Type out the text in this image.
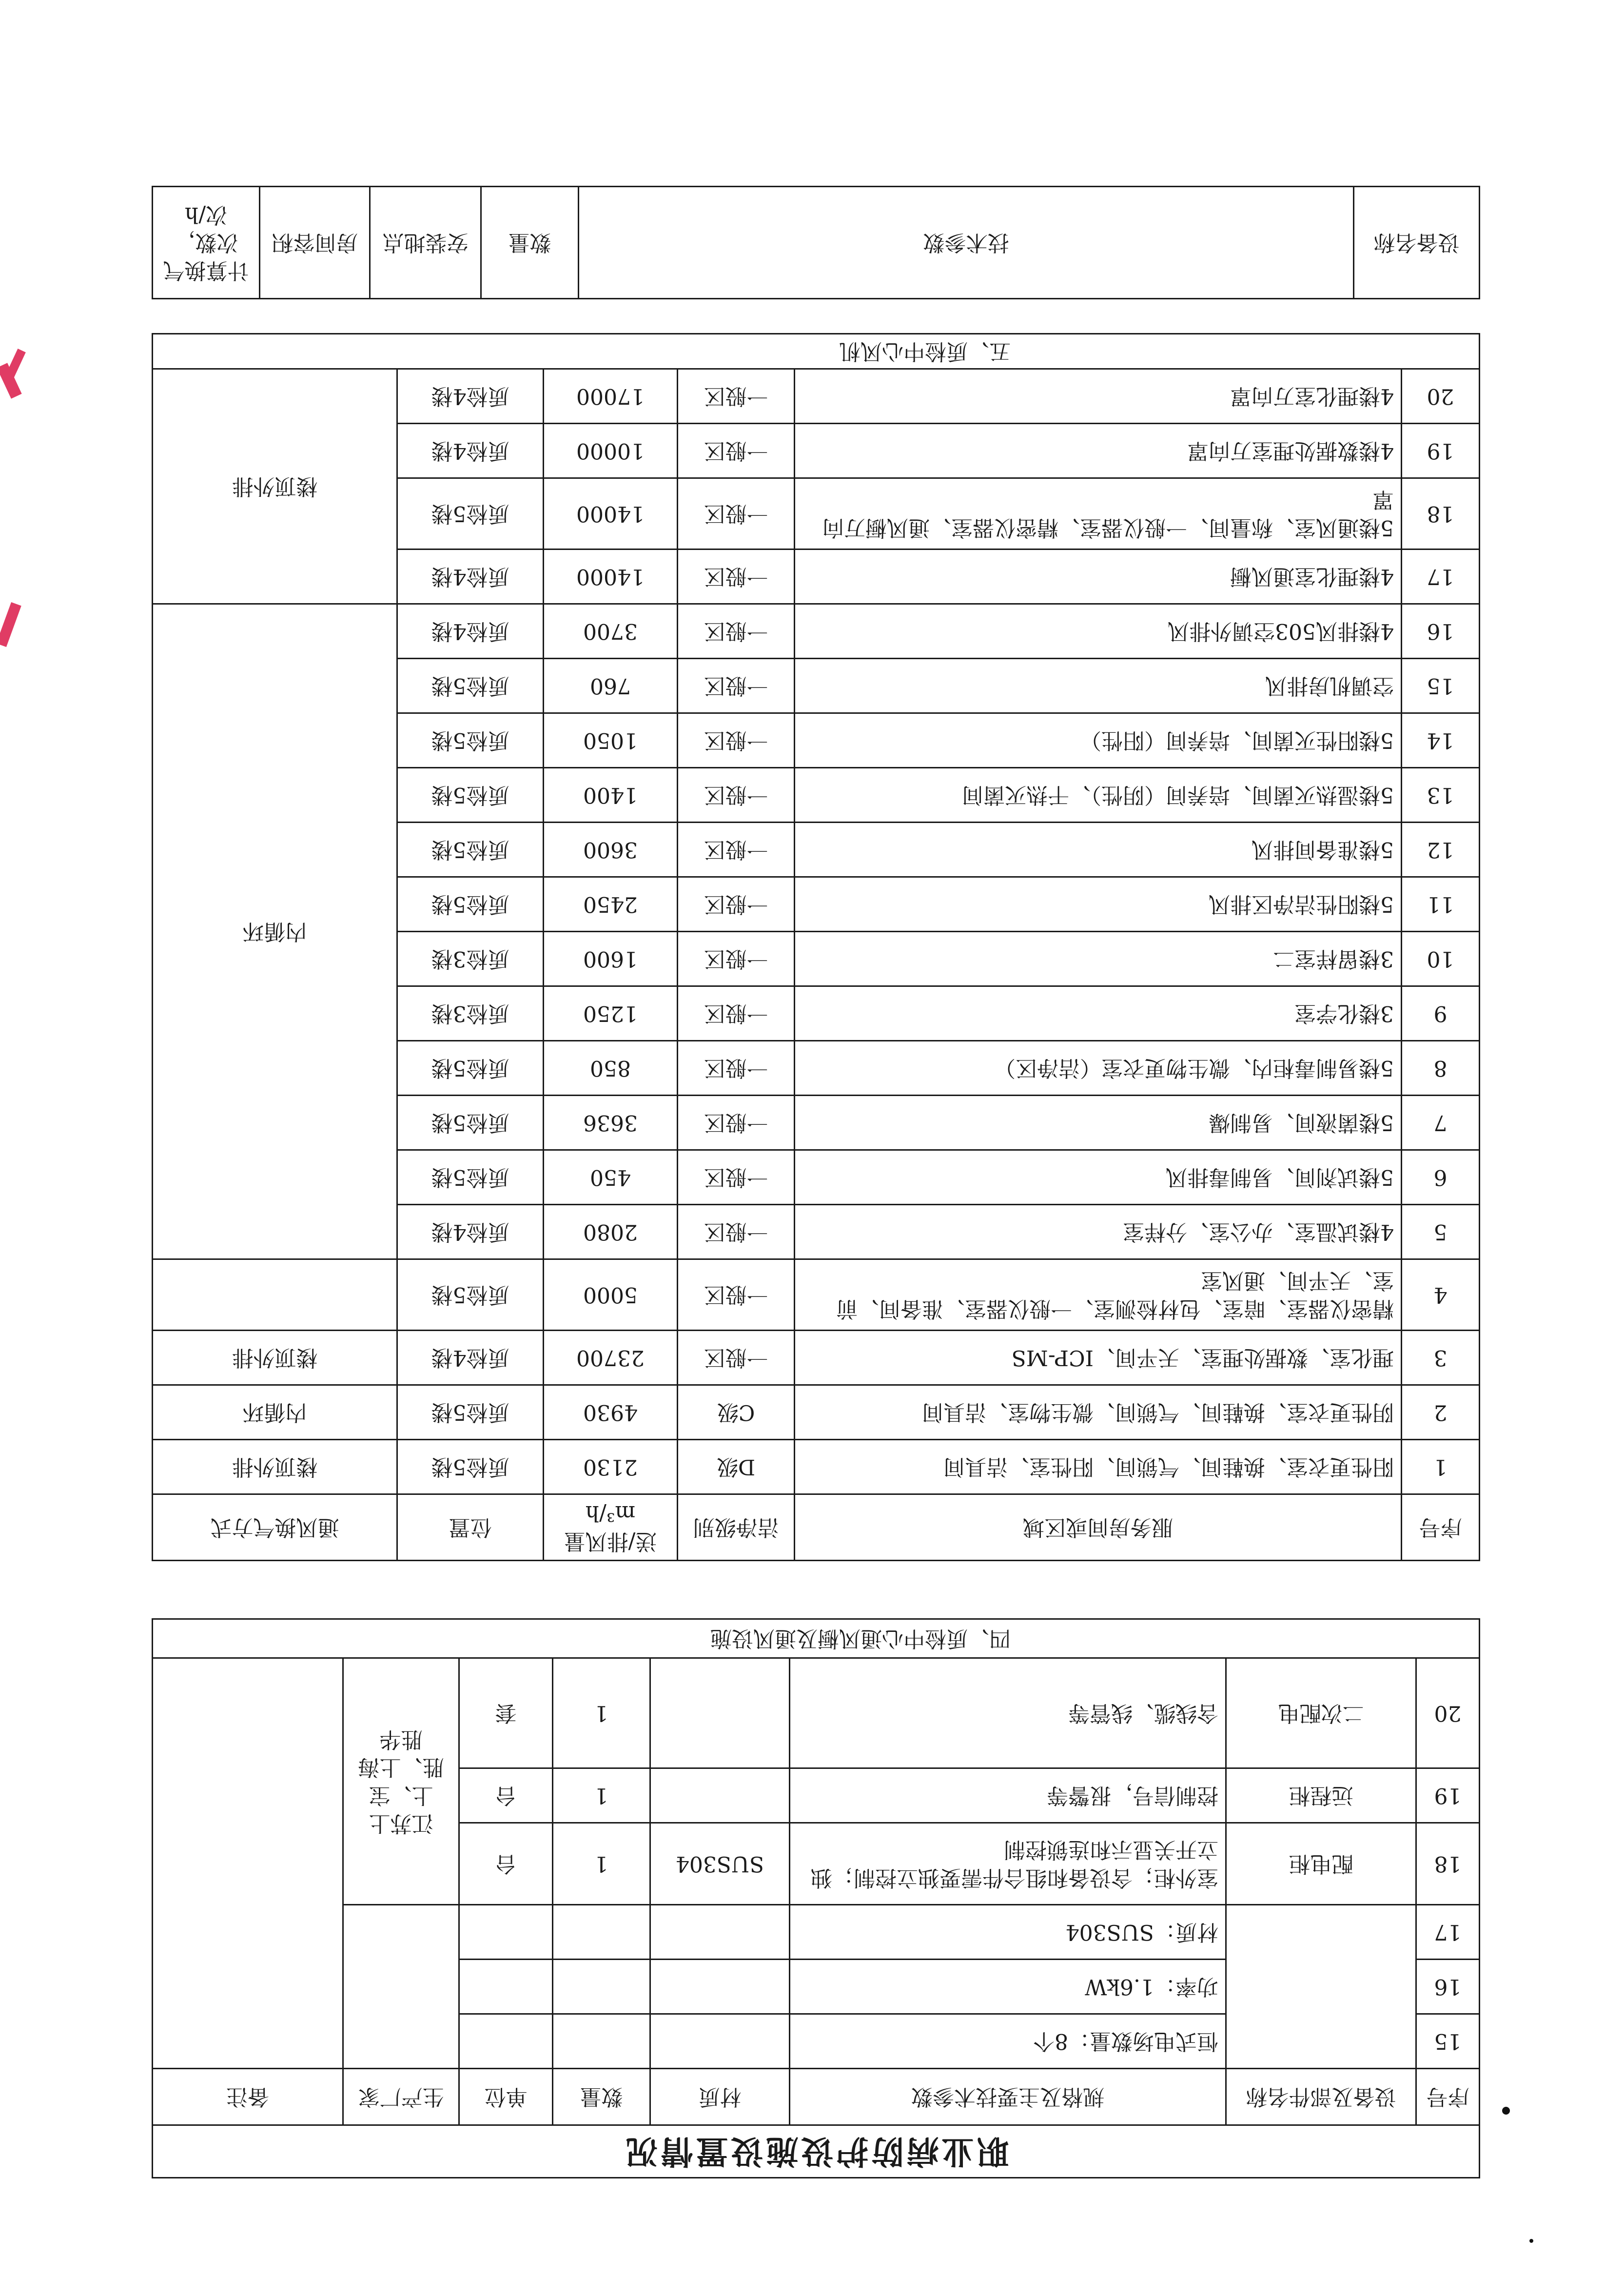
职业病防护设施设置情况							
序号	设备及部件名称	规格及主要技术参数	材质	数量	单位	生产厂家	备注
15		恒式电场数量：8个					
16		功率：1.6kW					
17		材质：SUS304					
18	配电柜	室外柜；含设备和组合件需要独立控制；独立开关显示和连锁控制	SUS304	1	台	江苏上上、宝胜、上海胜华	
19	远程柜	控制信号，报警等		1	台		
20	二次配电	含线缆、线管等		1	套		
四、质检中心通风橱及通风设施							
序号	服务房间或区域	洁净级别	送/排风量 m³/h	位置	通风换气方式
1	阳性更衣室、换鞋间、气锁间、阳性室、洁具间	D级	2130	质检5楼	楼顶外排
2	阴性更衣室、换鞋间、气锁间、微生物室、洁具间	C级	4930	质检5楼	内循环
3	理化室、数据处理室、天平间、ICP-MS	一般区	23700	质检4楼	楼顶外排
4	精密仪器室、暗室、包材检测室、一般仪器室、准备间、前室、天平间、通风室	一般区	5000	质检5楼	
5	4楼试温室、办公室、分样室	一般区	2080	质检4楼	内循环
6	5楼试剂间、易制毒排风	一般区	450	质检5楼	
7	5楼菌液间、易制爆	一般区	3636	质检5楼	
8	5楼易制毒柜内、微生物更衣室（洁净区）	一般区	850	质检5楼	
9	3楼化学室	一般区	1250	质检3楼	
10	3楼留样室二	一般区	1600	质检3楼	
11	5楼阳性洁净区排风	一般区	2450	质检5楼	
12	5楼准备间排风	一般区	3600	质检5楼	
13	5楼湿热灭菌间、培养间（阴性）、干热灭菌间	一般区	1400	质检5楼	
14	5楼阳性灭菌间、培养间（阳性）	一般区	1050	质检5楼	
15	空调机房排风	一般区	760	质检5楼	
16	4楼排风503空调外排风	一般区	3700	质检4楼	
17	4楼理化室通风橱	一般区	14000	质检4楼	楼顶外排
18	5楼通风室、称量间、一般仪器室、精密仪器室、通风橱万向罩	一般区	14000	质检5楼	
19	4楼数据处理室万向罩	一般区	10000	质检4楼	
20	4楼理化室万向罩	一般区	17000	质检4楼	
五、质检中心风机					
设备名称	技术参数	数量	安装地点	房间容积	计算换气次数，次/h
